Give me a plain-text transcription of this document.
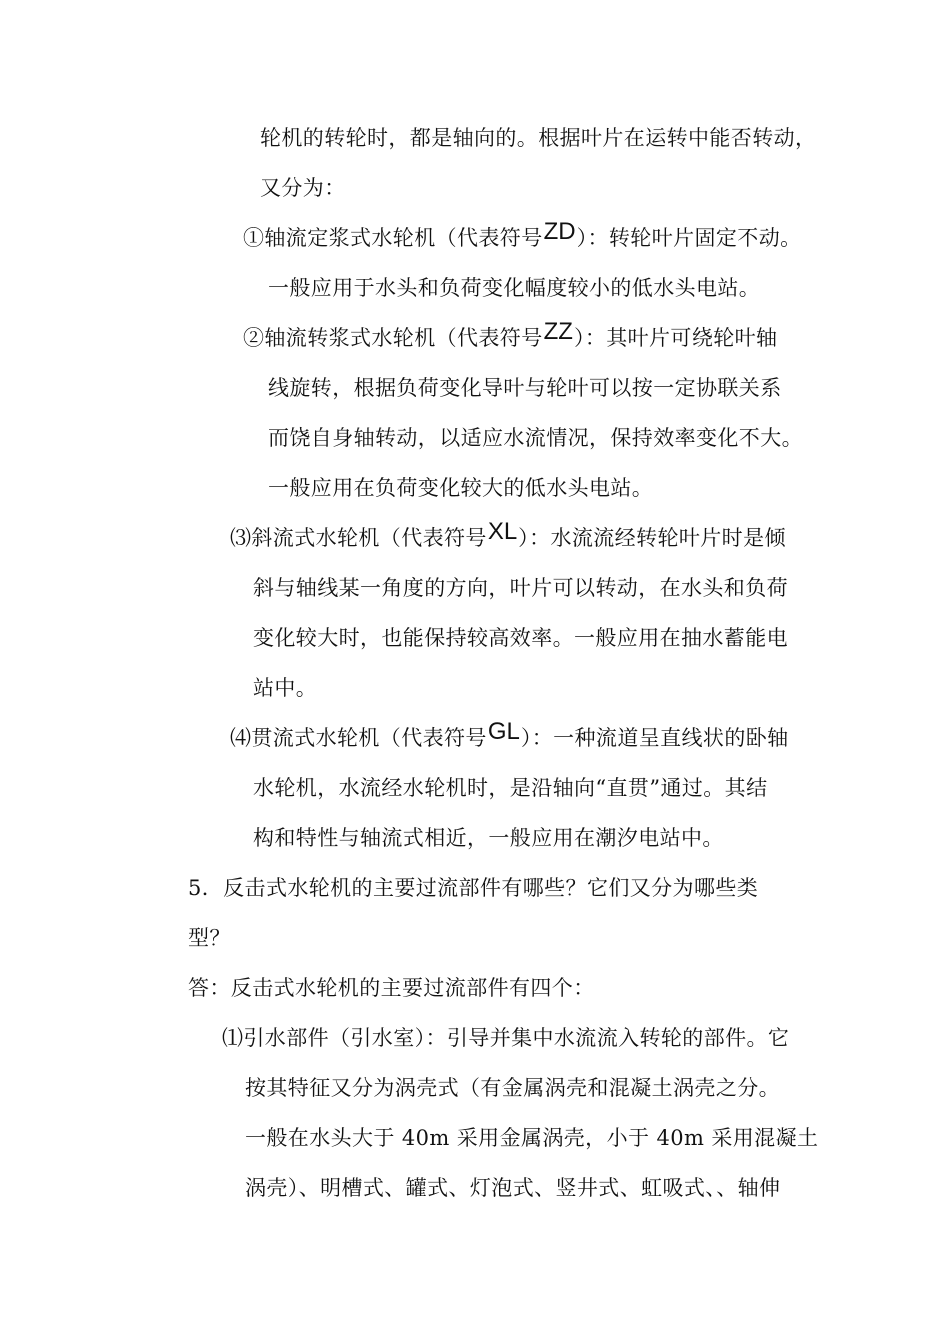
轮机的转轮时，都是轴向的。根据叶片在运转中能否转动，
又分为：
①轴流定浆式水轮机（代表符号ZD）：转轮叶片固定不动。
一般应用于水头和负荷变化幅度较小的低水头电站。
②轴流转浆式水轮机（代表符号ZZ）：其叶片可绕轮叶轴
线旋转，根据负荷变化导叶与轮叶可以按一定协联关系
而饶自身轴转动，以适应水流情况，保持效率变化不大。
一般应用在负荷变化较大的低水头电站。
⑶斜流式水轮机（代表符号XL）：水流流经转轮叶片时是倾
斜与轴线某一角度的方向，叶片可以转动，在水头和负荷
变化较大时，也能保持较高效率。一般应用在抽水蓄能电
站中。
⑷贯流式水轮机（代表符号GL）：一种流道呈直线状的卧轴
水轮机，水流经水轮机时，是沿轴向“直贯”通过。其结
构和特性与轴流式相近，一般应用在潮汐电站中。
5．反击式水轮机的主要过流部件有哪些？它们又分为哪些类
型？
答：反击式水轮机的主要过流部件有四个：
⑴引水部件（引水室）：引导并集中水流流入转轮的部件。它
按其特征又分为涡壳式（有金属涡壳和混凝土涡壳之分。
一般在水头大于 40m 采用金属涡壳，小于 40m 采用混凝土
涡壳）、明槽式、罐式、灯泡式、竖井式、虹吸式、、轴伸
